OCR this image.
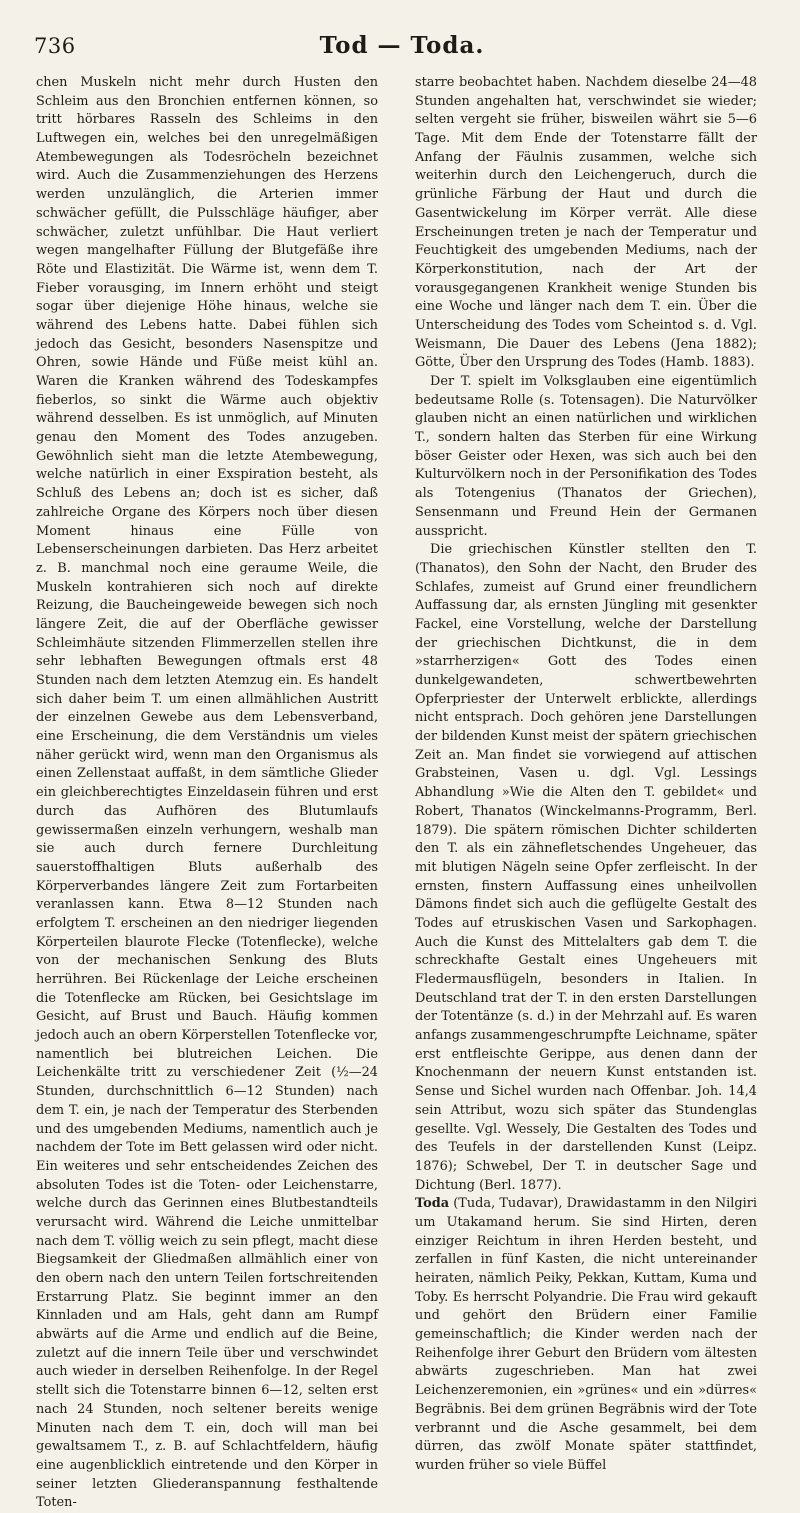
736	Tod — Toda.

chen Muskeln nicht mehr durch Husten den Schleim aus den Bronchien entfernen können, so tritt hörbares Rasseln des Schleims in den Luftwegen ein, welches bei den unregelmäßigen Atembewegungen als Todesröcheln bezeichnet wird. Auch die Zusammenziehungen des Herzens werden unzulänglich, die Arterien immer schwächer gefüllt, die Pulsschläge häufiger, aber schwächer, zuletzt unfühlbar. Die Haut verliert wegen mangelhafter Füllung der Blutgefäße ihre Röte und Elastizität. Die Wärme ist, wenn dem T. Fieber vorausging, im Innern erhöht und steigt sogar über diejenige Höhe hinaus, welche sie während des Lebens hatte. Dabei fühlen sich jedoch das Gesicht, besonders Nasenspitze und Ohren, sowie Hände und Füße meist kühl an. Waren die Kranken während des Todeskampfes fieberlos, so sinkt die Wärme auch objektiv während desselben. Es ist unmöglich, auf Minuten genau den Moment des Todes anzugeben. Gewöhnlich sieht man die letzte Atembewegung, welche natürlich in einer Exspiration besteht, als Schluß des Lebens an; doch ist es sicher, daß zahlreiche Organe des Körpers noch über diesen Moment hinaus eine Fülle von Lebenserscheinungen darbieten. Das Herz arbeitet z. B. manchmal noch eine geraume Weile, die Muskeln kontrahieren sich noch auf direkte Reizung, die Baucheingeweide bewegen sich noch längere Zeit, die auf der Oberfläche gewisser Schleimhäute sitzenden Flimmerzellen stellen ihre sehr lebhaften Bewegungen oftmals erst 48 Stunden nach dem letzten Atemzug ein. Es handelt sich daher beim T. um einen allmählichen Austritt der einzelnen Gewebe aus dem Lebensverband, eine Erscheinung, die dem Verständnis um vieles näher gerückt wird, wenn man den Organismus als einen Zellenstaat auffaßt, in dem sämtliche Glieder ein gleichberechtigtes Einzeldasein führen und erst durch das Aufhören des Blutumlaufs gewissermaßen einzeln verhungern, weshalb man sie auch durch fernere Durchleitung sauerstoffhaltigen Bluts außerhalb des Körperverbandes längere Zeit zum Fortarbeiten veranlassen kann. Etwa 8—12 Stunden nach erfolgtem T. erscheinen an den niedriger liegenden Körperteilen blaurote Flecke (Totenflecke), welche von der mechanischen Senkung des Bluts herrühren. Bei Rückenlage der Leiche erscheinen die Totenflecke am Rücken, bei Gesichtslage im Gesicht, auf Brust und Bauch. Häufig kommen jedoch auch an obern Körperstellen Totenflecke vor, namentlich bei blutreichen Leichen. Die Leichenkälte tritt zu verschiedener Zeit (½—24 Stunden, durchschnittlich 6—12 Stunden) nach dem T. ein, je nach der Temperatur des Sterbenden und des umgebenden Mediums, namentlich auch je nachdem der Tote im Bett gelassen wird oder nicht. Ein weiteres und sehr entscheidendes Zeichen des absoluten Todes ist die Toten- oder Leichenstarre, welche durch das Gerinnen eines Blutbestandteils verursacht wird. Während die Leiche unmittelbar nach dem T. völlig weich zu sein pflegt, macht diese Biegsamkeit der Gliedmaßen allmählich einer von den obern nach den untern Teilen fortschreitenden Erstarrung Platz. Sie beginnt immer an den Kinnladen und am Hals, geht dann am Rumpf abwärts auf die Arme und endlich auf die Beine, zuletzt auf die innern Teile über und verschwindet auch wieder in derselben Reihenfolge. In der Regel stellt sich die Totenstarre binnen 6—12, selten erst nach 24 Stunden, noch seltener bereits wenige Minuten nach dem T. ein, doch will man bei gewaltsamem T., z. B. auf Schlachtfeldern, häufig eine augenblicklich eintretende und den Körper in seiner letzten Gliederanspannung festhaltende Toten-

starre beobachtet haben. Nachdem dieselbe 24—48 Stunden angehalten hat, verschwindet sie wieder; selten vergeht sie früher, bisweilen währt sie 5—6 Tage. Mit dem Ende der Totenstarre fällt der Anfang der Fäulnis zusammen, welche sich weiterhin durch den Leichengeruch, durch die grünliche Färbung der Haut und durch die Gasentwickelung im Körper verrät. Alle diese Erscheinungen treten je nach der Temperatur und Feuchtigkeit des umgebenden Mediums, nach der Körperkonstitution, nach der Art der vorausgegangenen Krankheit wenige Stunden bis eine Woche und länger nach dem T. ein. Über die Unterscheidung des Todes vom Scheintod s. d. Vgl. Weismann, Die Dauer des Lebens (Jena 1882); Götte, Über den Ursprung des Todes (Hamb. 1883).

Der T. spielt im Volksglauben eine eigentümlich bedeutsame Rolle (s. Totensagen). Die Naturvölker glauben nicht an einen natürlichen und wirklichen T., sondern halten das Sterben für eine Wirkung böser Geister oder Hexen, was sich auch bei den Kulturvölkern noch in der Personifikation des Todes als Totengenius (Thanatos der Griechen), Sensenmann und Freund Hein der Germanen ausspricht.

Die griechischen Künstler stellten den T. (Thanatos), den Sohn der Nacht, den Bruder des Schlafes, zumeist auf Grund einer freundlichern Auffassung dar, als ernsten Jüngling mit gesenkter Fackel, eine Vorstellung, welche der Darstellung der griechischen Dichtkunst, die in dem »starrherzigen« Gott des Todes einen dunkelgewandeten, schwertbewehrten Opferpriester der Unterwelt erblickte, allerdings nicht entsprach. Doch gehören jene Darstellungen der bildenden Kunst meist der spätern griechischen Zeit an. Man findet sie vorwiegend auf attischen Grabsteinen, Vasen u. dgl. Vgl. Lessings Abhandlung »Wie die Alten den T. gebildet« und Robert, Thanatos (Winckelmanns-Programm, Berl. 1879). Die spätern römischen Dichter schilderten den T. als ein zähnefletschendes Ungeheuer, das mit blutigen Nägeln seine Opfer zerfleischt. In der ernsten, finstern Auffassung eines unheilvollen Dämons findet sich auch die geflügelte Gestalt des Todes auf etruskischen Vasen und Sarkophagen. Auch die Kunst des Mittelalters gab dem T. die schreckhafte Gestalt eines Ungeheuers mit Fledermausflügeln, besonders in Italien. In Deutschland trat der T. in den ersten Darstellungen der Totentänze (s. d.) in der Mehrzahl auf. Es waren anfangs zusammengeschrumpfte Leichname, später erst entfleischte Gerippe, aus denen dann der Knochenmann der neuern Kunst entstanden ist. Sense und Sichel wurden nach Offenbar. Joh. 14,4 sein Attribut, wozu sich später das Stundenglas gesellte. Vgl. Wessely, Die Gestalten des Todes und des Teufels in der darstellenden Kunst (Leipz. 1876); Schwebel, Der T. in deutscher Sage und Dichtung (Berl. 1877).

Toda (Tuda, Tudavar), Drawidastamm in den Nilgiri um Utakamand herum. Sie sind Hirten, deren einziger Reichtum in ihren Herden besteht, und zerfallen in fünf Kasten, die nicht untereinander heiraten, nämlich Peiky, Pekkan, Kuttam, Kuma und Toby. Es herrscht Polyandrie. Die Frau wird gekauft und gehört den Brüdern einer Familie gemeinschaftlich; die Kinder werden nach der Reihenfolge ihrer Geburt den Brüdern vom ältesten abwärts zugeschrieben. Man hat zwei Leichenzeremonien, ein »grünes« und ein »dürres« Begräbnis. Bei dem grünen Begräbnis wird der Tote verbrannt und die Asche gesammelt, bei dem dürren, das zwölf Monate später stattfindet, wurden früher so viele Büffel
